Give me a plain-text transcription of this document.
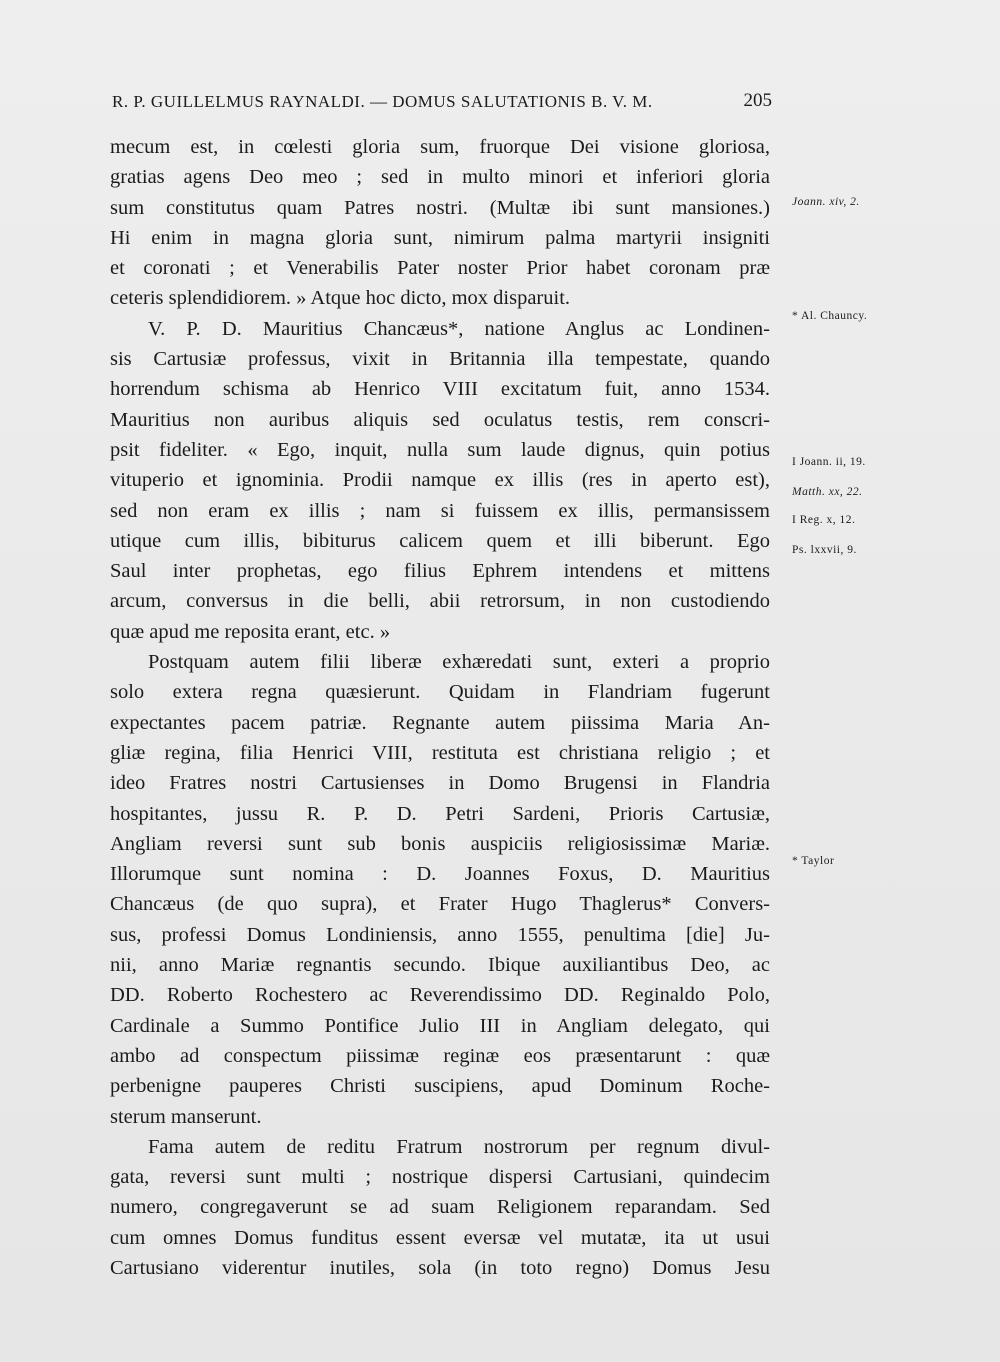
R. P. GUILLELMUS RAYNALDI. — DOMUS SALUTATIONIS B. V. M.	205
mecum est, in cœlesti gloria sum, fruorque Dei visione gloriosa,
gratias agens Deo meo ; sed in multo minori et inferiori gloria
sum constitutus quam Patres nostri. (Multæ ibi sunt mansiones.)
Hi enim in magna gloria sunt, nimirum palma martyrii insigniti
et coronati ; et Venerabilis Pater noster Prior habet coronam præ
ceteris splendidiorem. » Atque hoc dicto, mox disparuit.
V. P. D. Mauritius Chancæus*, natione Anglus ac Londinen-
sis Cartusiæ professus, vixit in Britannia illa tempestate, quando
horrendum schisma ab Henrico VIII excitatum fuit, anno 1534.
Mauritius non auribus aliquis sed oculatus testis, rem conscri-
psit fideliter. « Ego, inquit, nulla sum laude dignus, quin potius
vituperio et ignominia. Prodii namque ex illis (res in aperto est),
sed non eram ex illis ; nam si fuissem ex illis, permansissem
utique cum illis, bibiturus calicem quem et illi biberunt. Ego
Saul inter prophetas, ego filius Ephrem intendens et mittens
arcum, conversus in die belli, abii retrorsum, in non custodiendo
quæ apud me reposita erant, etc. »
Postquam autem filii liberæ exhæredati sunt, exteri a proprio
solo extera regna quæsierunt. Quidam in Flandriam fugerunt
expectantes pacem patriæ. Regnante autem piissima Maria An-
gliæ regina, filia Henrici VIII, restituta est christiana religio ; et
ideo Fratres nostri Cartusienses in Domo Brugensi in Flandria
hospitantes, jussu R. P. D. Petri Sardeni, Prioris Cartusiæ,
Angliam reversi sunt sub bonis auspiciis religiosissimæ Mariæ.
Illorumque sunt nomina : D. Joannes Foxus, D. Mauritius
Chancæus (de quo supra), et Frater Hugo Thaglerus* Convers-
sus, professi Domus Londiniensis, anno 1555, penultima [die] Ju-
nii, anno Mariæ regnantis secundo. Ibique auxiliantibus Deo, ac
DD. Roberto Rochestero ac Reverendissimo DD. Reginaldo Polo,
Cardinale a Summo Pontifice Julio III in Angliam delegato, qui
ambo ad conspectum piissimæ reginæ eos præsentarunt : quæ
perbenigne pauperes Christi suscipiens, apud Dominum Roche-
sterum manserunt.
Fama autem de reditu Fratrum nostrorum per regnum divul-
gata, reversi sunt multi ; nostrique dispersi Cartusiani, quindecim
numero, congregaverunt se ad suam Religionem reparandam. Sed
cum omnes Domus funditus essent eversæ vel mutatæ, ita ut usui
Cartusiano viderentur inutiles, sola (in toto regno) Domus Jesu
Joann. xiv, 2.
* Al. Chauncy.
I Joann. ii, 19.
Matth. xx, 22.
I Reg. x, 12.
Ps. lxxvii, 9.
* Taylor
